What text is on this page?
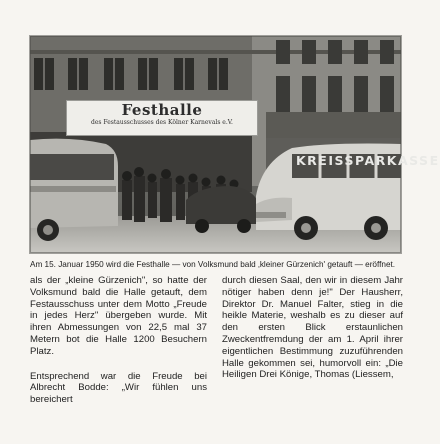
Festhalle
des Festausschusses des Kölner Karnevals e.V.
KREISSPARKASSE
Am 15. Januar 1950 wird die Festhalle — von Volksmund bald ‚kleiner Gürzenich' getauft — eröffnet.

als der „kleine Gürzenich", so hatte der Volksmund bald die Halle getauft, dem Festausschuss unter dem Motto „Freude in jedes Herz" übergeben wurde. Mit ihren Abmessungen von 22,5 mal 37 Metern bot die Halle 1200 Besuchern Platz.

Entsprechend war die Freude bei Albrecht Bodde: „Wir fühlen uns bereichert

durch diesen Saal, den wir in diesem Jahr nötiger haben denn je!" Der Hausherr, Direktor Dr. Manuel Falter, stieg in die heikle Materie, weshalb es zu dieser auf den ersten Blick erstaunlichen Zweckentfremdung der am 1. April ihrer eigentlichen Bestimmung zuzuführenden Halle gekommen sei, humorvoll ein: „Die Heiligen Drei Könige, Thomas (Liessem,
